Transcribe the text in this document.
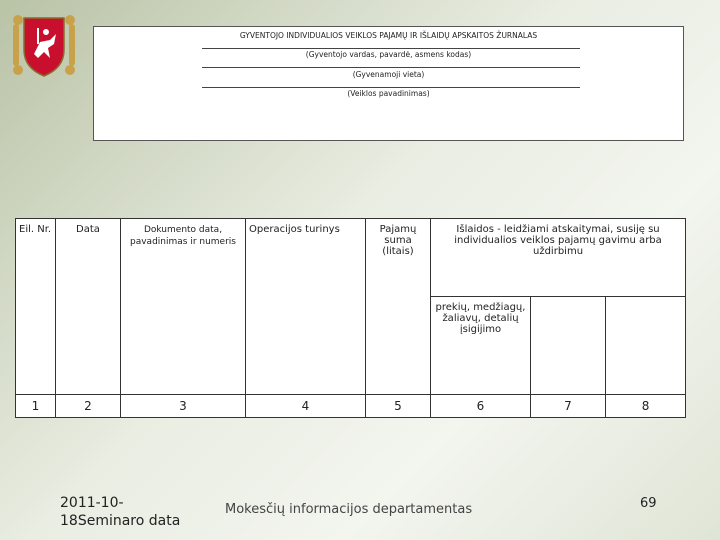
GYVENTOJO INDIVIDUALIOS VEIKLOS PAJAMŲ IR IŠLAIDŲ APSKAITOS ŽURNALAS
(Gyventojo vardas, pavardė, asmens kodas)
(Gyvenamoji vieta)
(Veiklos pavadinimas)
Eil. Nr.	Data	Dokumento data, pavadinimas ir numeris	Operacijos turinys	Pajamų suma (litais)	Išlaidos - leidžiami atskaitymai, susiję su individualios veiklos pajamų gavimu arba uždirbimu		
					prekių, medžiagų, žaliavų, detalių įsigijimo		
1	2	3	4	5	6	7	8
2011-10-18Seminaro data
Mokesčių informacijos departamentas	69
